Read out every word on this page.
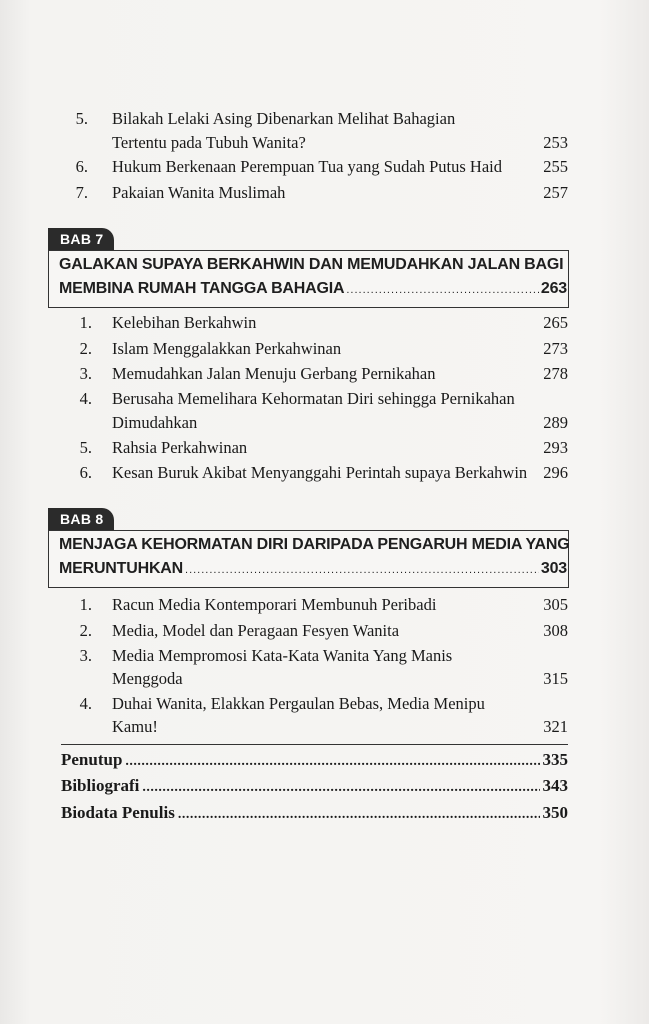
5. Bilakah Lelaki Asing Dibenarkan Melihat Bahagian
Tertentu pada Tubuh Wanita?	253
6. Hukum Berkenaan Perempuan Tua yang Sudah Putus Haid	255
7. Pakaian Wanita Muslimah	257
BAB 7
GALAKAN SUPAYA BERKAHWIN DAN MEMUDAHKAN JALAN BAGI
MEMBINA RUMAH TANGGA BAHAGIA .....	263
1. Kelebihan Berkahwin	265
2. Islam Menggalakkan Perkahwinan	273
3. Memudahkan Jalan Menuju Gerbang Pernikahan	278
4. Berusaha Memelihara Kehormatan Diri sehingga Pernikahan
Dimudahkan	289
5. Rahsia Perkahwinan	293
6. Kesan Buruk Akibat Menyanggahi Perintah supaya Berkahwin 296
BAB 8
MENJAGA KEHORMATAN DIRI DARIPADA PENGARUH MEDIA YANG
MERUNTUHKAN .....	303
1. Racun Media Kontemporari Membunuh Peribadi	305
2. Media, Model dan Peragaan Fesyen Wanita	308
3. Media Mempromosi Kata-Kata Wanita Yang Manis
Menggoda	315
4. Duhai Wanita, Elakkan Pergaulan Bebas, Media Menipu
Kamu!	321
Penutup .....	335
Bibliografi .....	343
Biodata Penulis .....	350
